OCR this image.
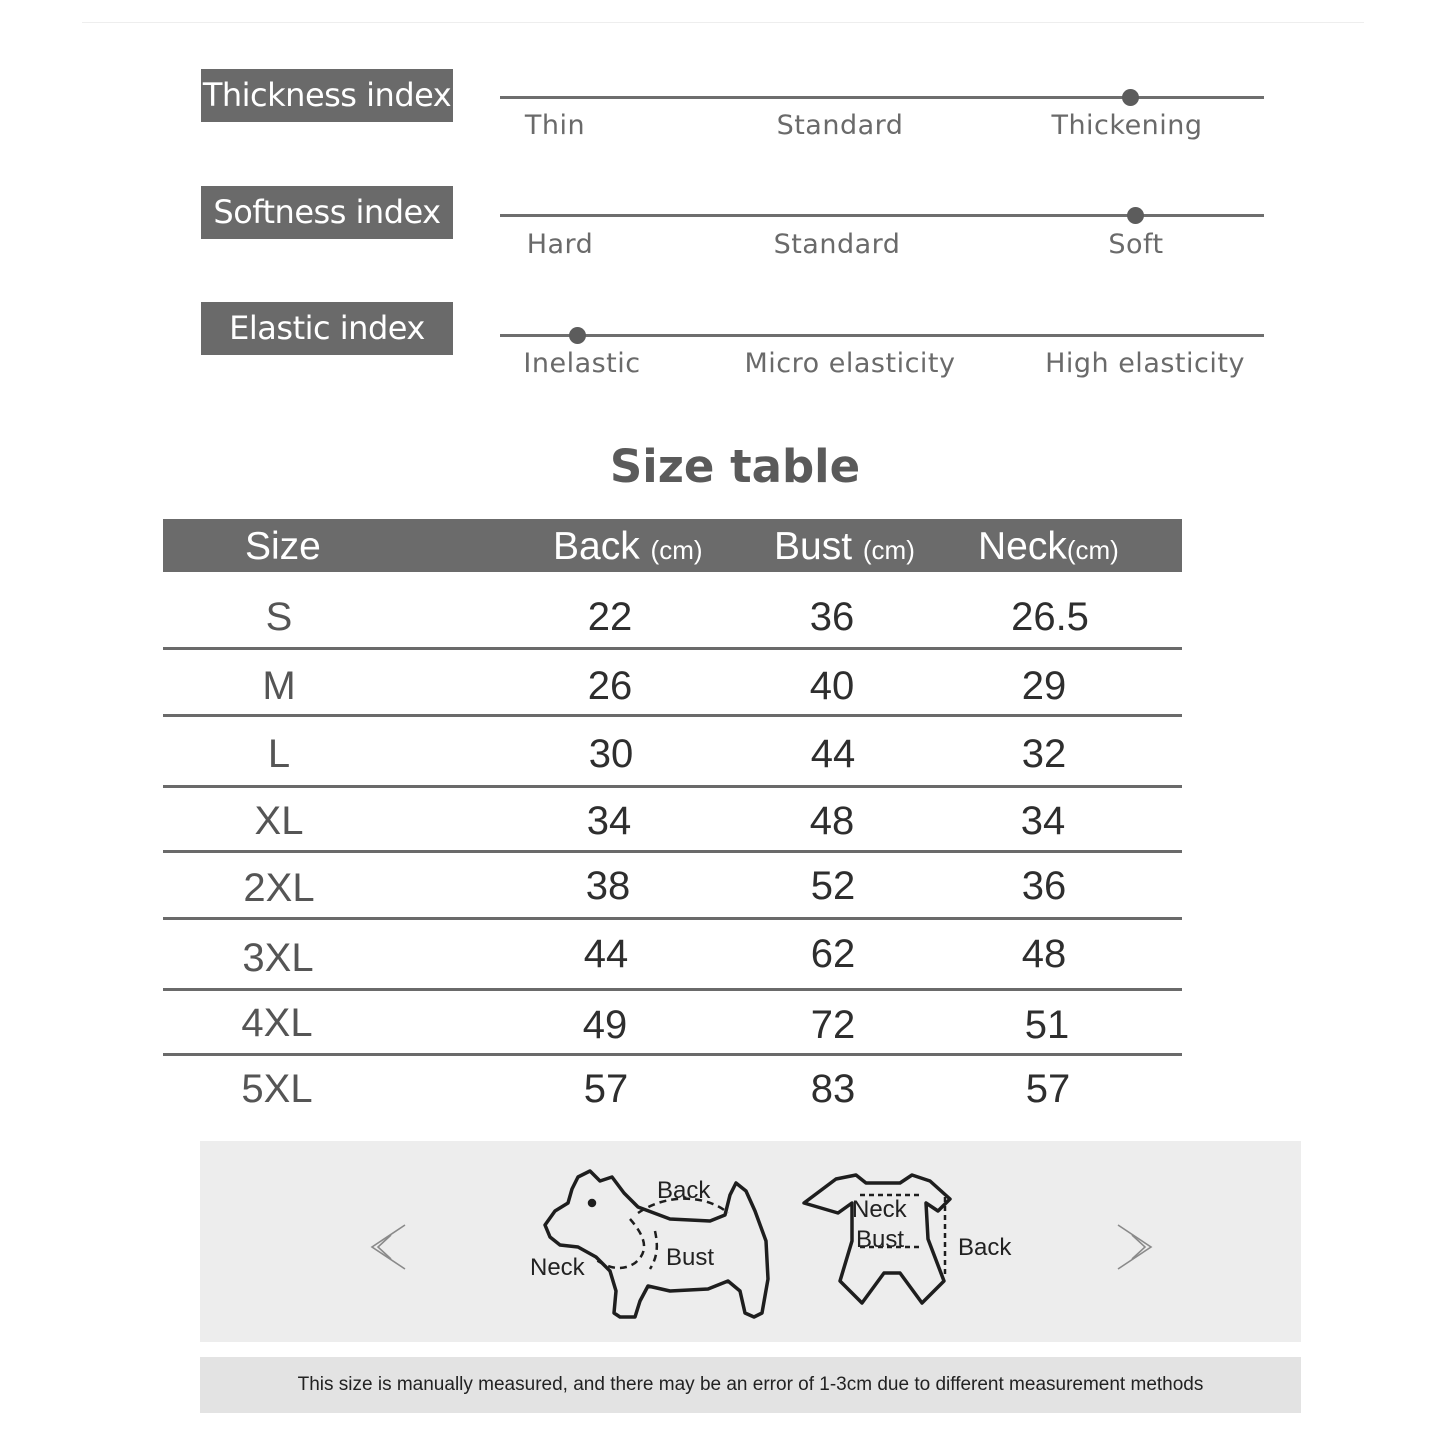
Thickness index
Thin	Standard	Thickening
Softness index
Hard	Standard	Soft
Elastic index
Inelastic	Micro elasticity	High elasticity
Size table
Size	Back (cm) Bust (cm) Neck(cm)
S	22	36	26.5
M	26	40	29
L	30	44	32
XL	34	48	34
2XL	38	52	36
3XL	44	62	48
4XL	49	72	51
5XL	57	83	57
Back
Neck	Bust
Neck
Bust Back
This size is manually measured, and there may be an error of 1-3cm due to different measurement methods
